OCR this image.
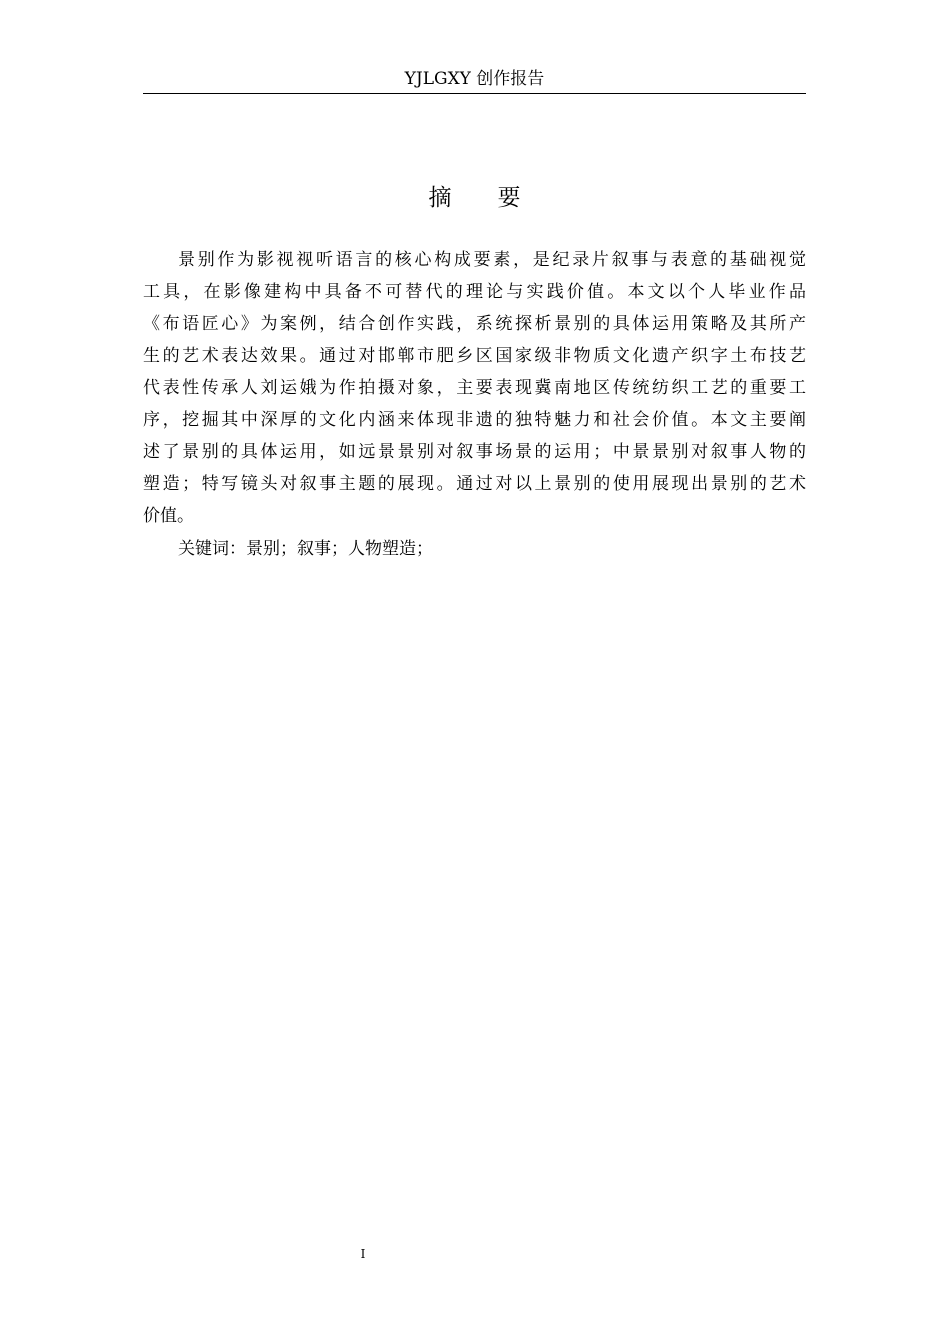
YJLGXY 创作报告
摘 要
景别作为影视视听语言的核心构成要素，是纪录片叙事与表意的基础视觉
工具，在影像建构中具备不可替代的理论与实践价值。本文以个人毕业作品
《布语匠心》为案例，结合创作实践，系统探析景别的具体运用策略及其所产
生的艺术表达效果。通过对邯郸市肥乡区国家级非物质文化遗产织字土布技艺
代表性传承人刘运娥为作拍摄对象，主要表现冀南地区传统纺织工艺的重要工
序，挖掘其中深厚的文化内涵来体现非遗的独特魅力和社会价值。本文主要阐
述了景别的具体运用，如远景景别对叙事场景的运用；中景景别对叙事人物的
塑造；特写镜头对叙事主题的展现。通过对以上景别的使用展现出景别的艺术
价值。
关键词：景别；叙事；人物塑造；
I
